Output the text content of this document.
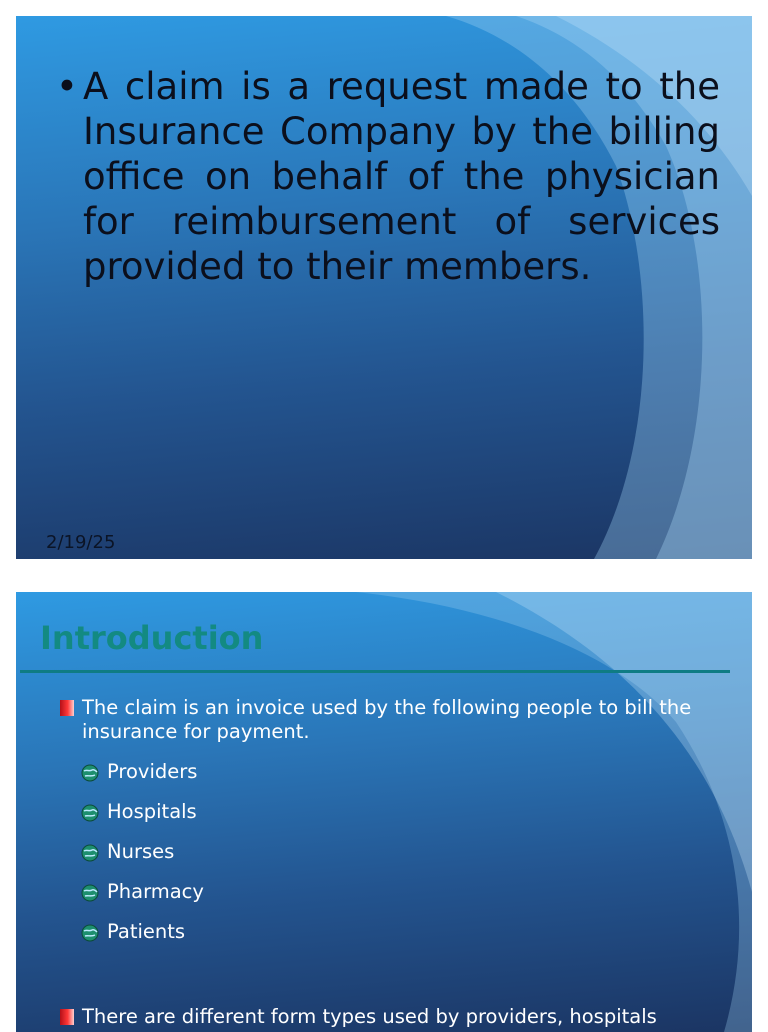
• A claim is a request made to the Insurance Company by the billing office on behalf of the physician for reimbursement of services provided to their members.
2/19/25
Introduction
The claim is an invoice used by the following people to bill the insurance for payment.
Providers
Hospitals
Nurses
Pharmacy
Patients
There are different form types used by providers, hospitals
